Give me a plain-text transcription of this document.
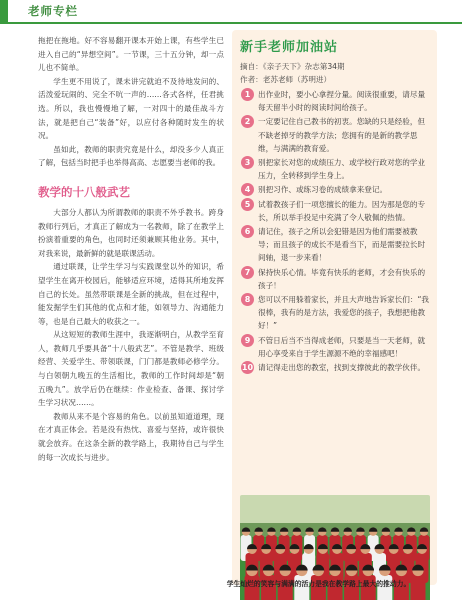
老师专栏

拖把在拖地。好不容易翻开课本开始上课，有些学生已进入自己的“异想空间”。一节课，三十五分钟，却一点儿也不简单。

学生更不用说了，课未讲完就迫不及待地发问的、活泼爱玩闹的、完全不吭一声的……各式各样，任君挑选。所以，我也慢慢地了解，一对四十的最佳战斗方法，就是把自己“装备”好，以应付各种随时发生的状况。

虽如此，教师的职责究竟是什么，却没多少人真正了解，包括当时把手也举得高高、志愿要当老师的我。

教学的十八般武艺

大部分人都认为所谓教师的职责不外乎教书。跨身教师行列后，才真正了解成为一名教师，除了在教学上扮演着重要的角色，也同时还须兼顾其他业务。其中，对我来说，最新鲜的就是联课活动。

通过联课，让学生学习与实践课堂以外的知识，希望学生在离开校园后，能够适应环境，适得其所地发挥自己的长处。虽然带联课是全新的挑战，但在过程中，能发掘学生们其他的优点和才能，如领导力、沟通能力等，也是自己最大的收获之一。

从这短短的教师生涯中，我逐渐明白，从教学至育人，教师几乎要具备“十八般武艺”。不管是教学、班级经营、关爱学生、带领联课，门门都是教师必修学分。与白领朝九晚五的生活相比，教师的工作时间却是“朝五晚九”。放学后仍在继续：作业检查、备课、探讨学生学习状况……。

教师从来不是个容易的角色。以前虽知道道理，现在才真正体会。若是没有热忱、喜爱与坚持，或许很快就会放弃。在这条全新的教学路上，我期待自己与学生的每一次成长与进步。

新手老师加油站
摘自：《亲子天下》杂志第34期
作者：老苏老师（苏明进）
1	出作业时，要小心拿捏分量。阅读很重要，请尽量每天留半小时的阅读时间给孩子。
2	一定要记住自己教书的初衷。您缺的只是经验，但不缺老掉牙的教学方法；您拥有的是新的教学思维，与满满的教育爱。
3	别把家长对您的成绩压力、或学校行政对您的学业压力，全转移到学生身上。
4	别把习作、或练习卷的成绩拿来登记。
5	试着教孩子们一项您擅长的能力。因为那是您的专长，所以举手投足中充满了令人敬佩的热情。
6	请记住，孩子之所以会犯错是因为他们需要被教导；而且孩子的成长不是看当下，而是需要拉长时间轴，退一步来看！
7	保持快乐心情。毕竟有快乐的老师，才会有快乐的孩子！
8	您可以不用躲着家长，并且大声地告诉家长们：“我很棒，我有的是方法，我爱您的孩子，我想把他教好！”
9	不管日后当不当得成老师，只要是当一天老师，就用心享受来自于学生源源不绝的幸福感吧！
10 请记得走出您的教室，找到支撑彼此的教学伙伴。
学生灿烂的笑容与满满的活力是我在教学路上最大的推动力。
